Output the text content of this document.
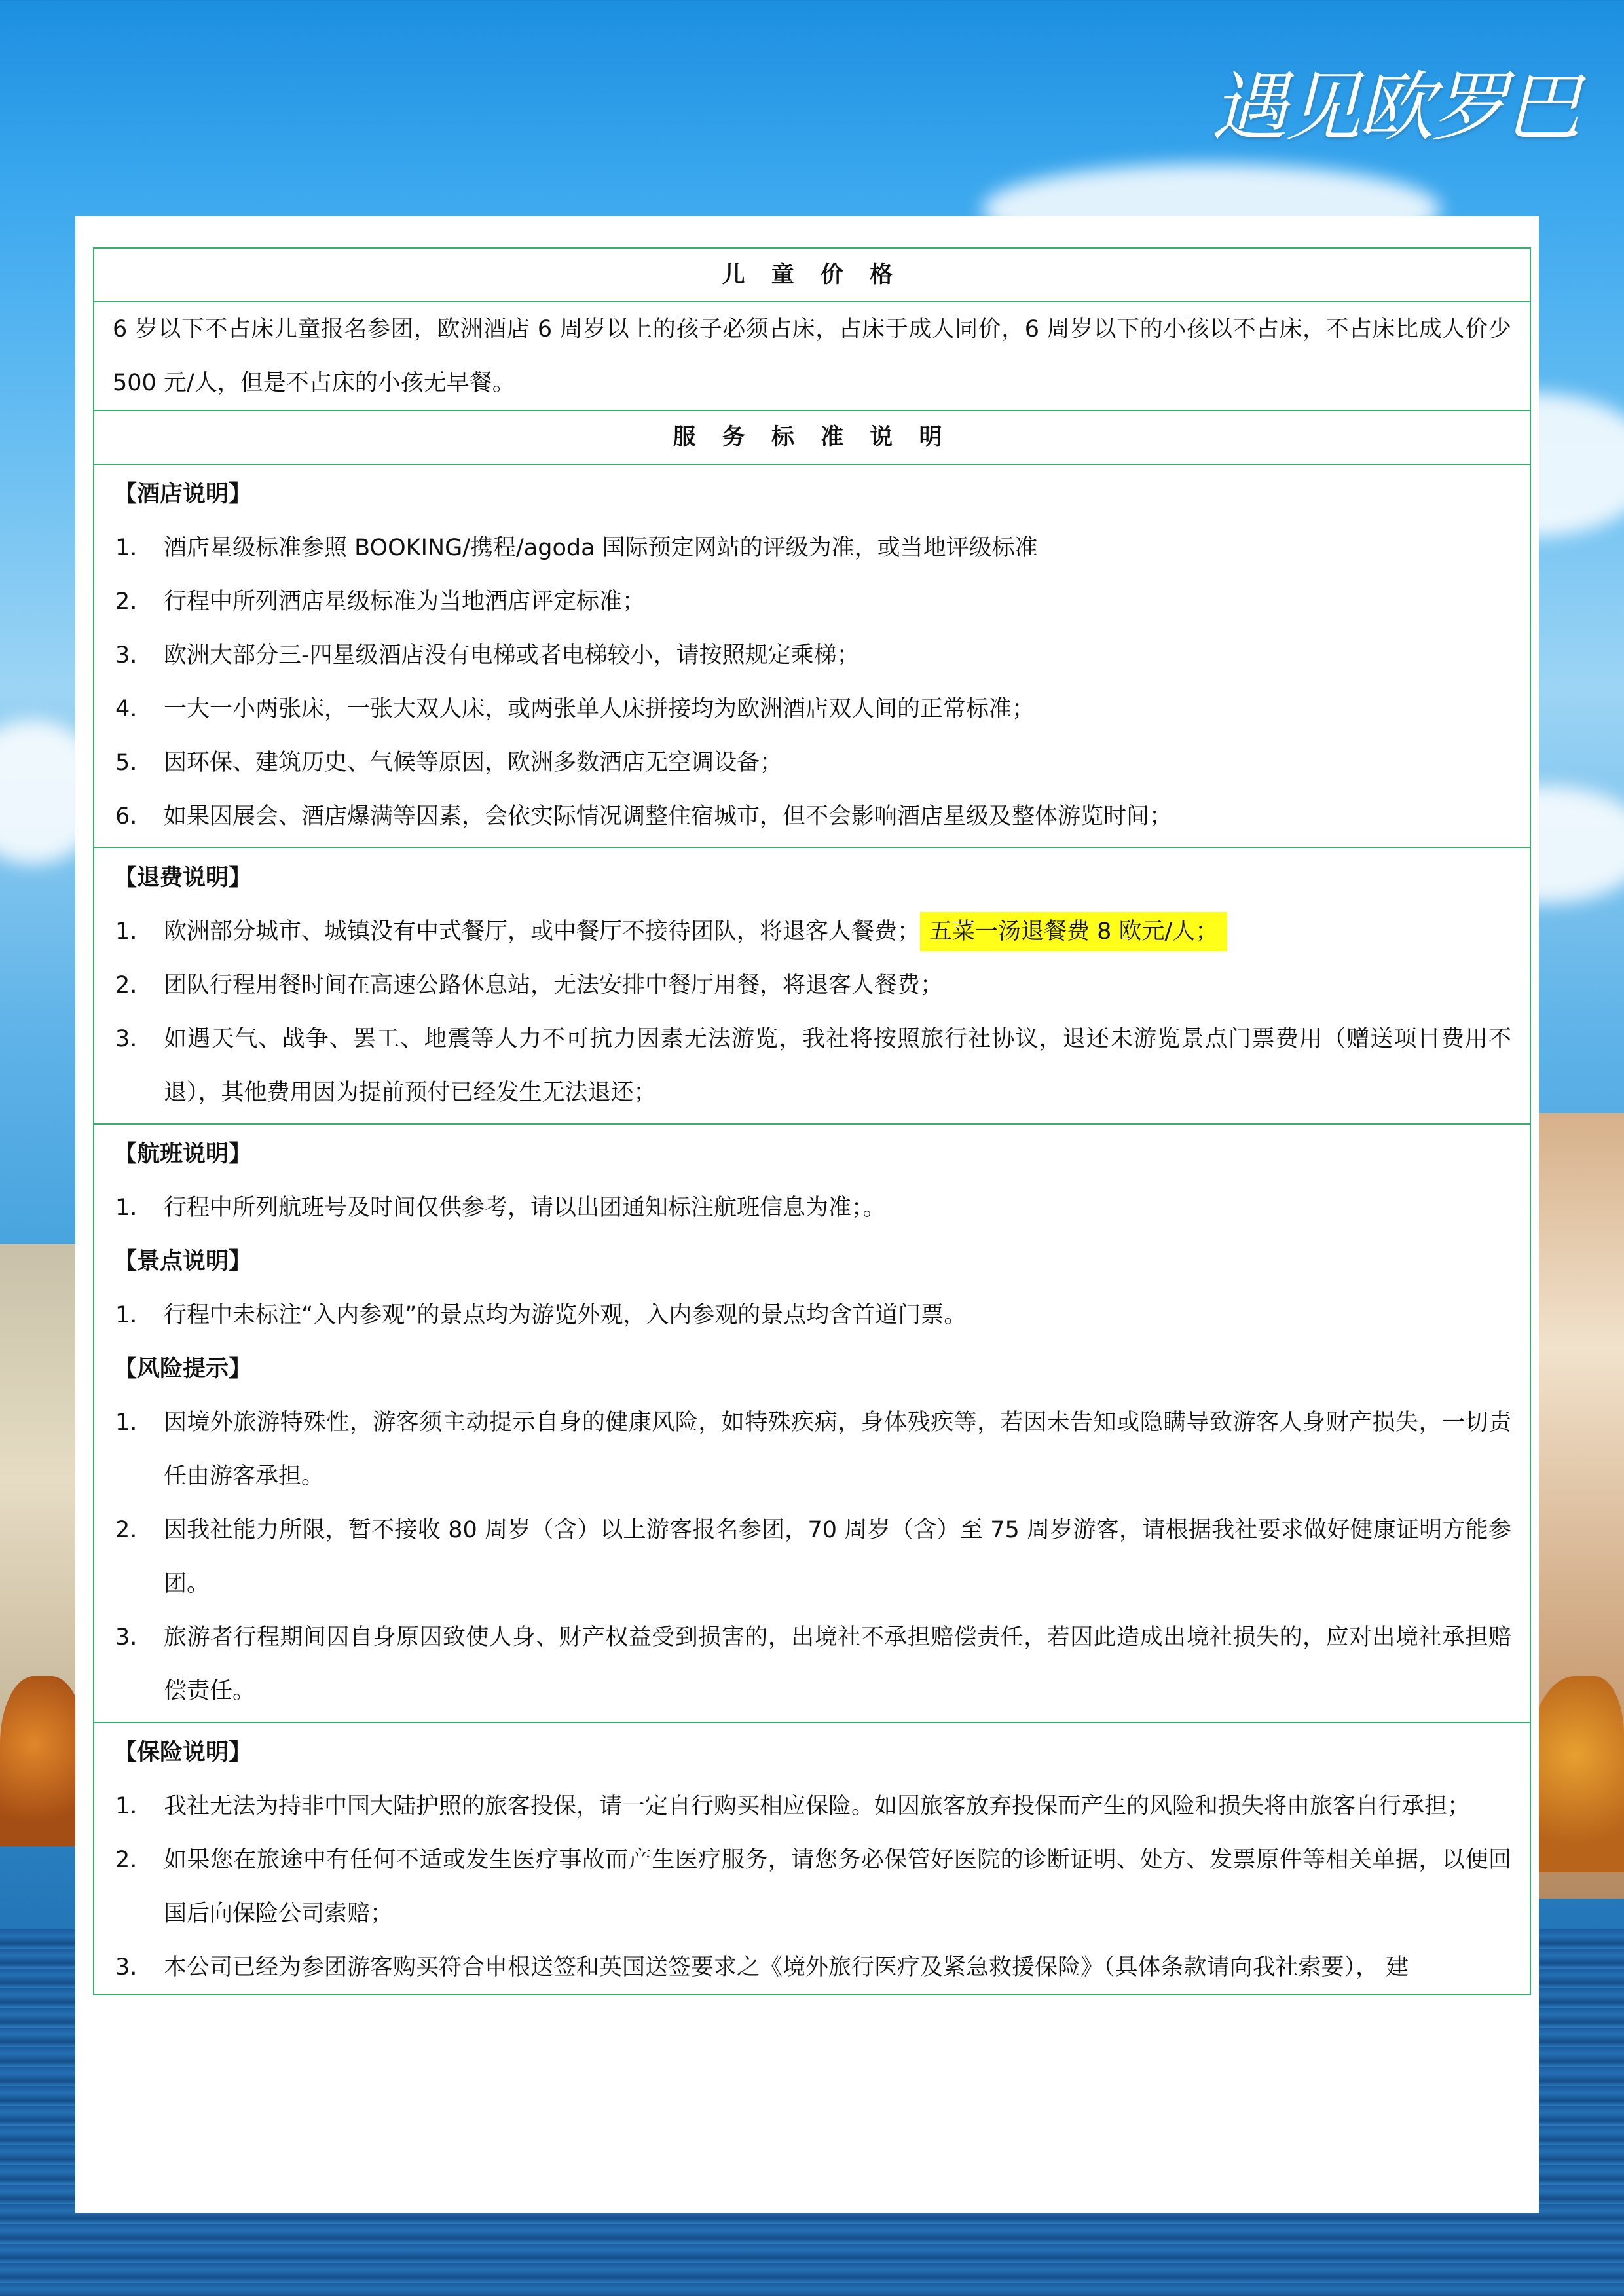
遇见欧罗巴
儿 童 价 格
6 岁以下不占床儿童报名参团，欧洲酒店 6 周岁以上的孩子必须占床，占床于成人同价，6 周岁以下的小孩以不占床，不占床比成人价少 500 元/人，但是不占床的小孩无早餐。
服 务 标 准 说 明
【酒店说明】
1.	酒店星级标准参照 BOOKING/携程/agoda 国际预定网站的评级为准，或当地评级标准
2.	行程中所列酒店星级标准为当地酒店评定标准；
3.	欧洲大部分三-四星级酒店没有电梯或者电梯较小，请按照规定乘梯；
4.	一大一小两张床，一张大双人床，或两张单人床拼接均为欧洲酒店双人间的正常标准；
5.	因环保、建筑历史、气候等原因，欧洲多数酒店无空调设备；
6.	如果因展会、酒店爆满等因素，会依实际情况调整住宿城市，但不会影响酒店星级及整体游览时间；
【退费说明】
1.	欧洲部分城市、城镇没有中式餐厅，或中餐厅不接待团队，将退客人餐费； 五菜一汤退餐费 8 欧元/人；
2.	团队行程用餐时间在高速公路休息站，无法安排中餐厅用餐，将退客人餐费；
3.	如遇天气、战争、罢工、地震等人力不可抗力因素无法游览，我社将按照旅行社协议，退还未游览景点门票费用（赠送项目费用不退），其他费用因为提前预付已经发生无法退还；
【航班说明】
1.	行程中所列航班号及时间仅供参考，请以出团通知标注航班信息为准；。
【景点说明】
1.	行程中未标注“入内参观”的景点均为游览外观，入内参观的景点均含首道门票。
【风险提示】
1.	因境外旅游特殊性，游客须主动提示自身的健康风险，如特殊疾病，身体残疾等，若因未告知或隐瞒导致游客人身财产损失，一切责任由游客承担。
2.	因我社能力所限，暂不接收 80 周岁（含）以上游客报名参团，70 周岁（含）至 75 周岁游客，请根据我社要求做好健康证明方能参团。
3.	旅游者行程期间因自身原因致使人身、财产权益受到损害的，出境社不承担赔偿责任，若因此造成出境社损失的，应对出境社承担赔偿责任。
【保险说明】
1.	我社无法为持非中国大陆护照的旅客投保，请一定自行购买相应保险。如因旅客放弃投保而产生的风险和损失将由旅客自行承担；
2.	如果您在旅途中有任何不适或发生医疗事故而产生医疗服务，请您务必保管好医院的诊断证明、处方、发票原件等相关单据，以便回国后向保险公司索赔；
3.	本公司已经为参团游客购买符合申根送签和英国送签要求之《境外旅行医疗及紧急救援保险》（具体条款请向我社索要）， 建
